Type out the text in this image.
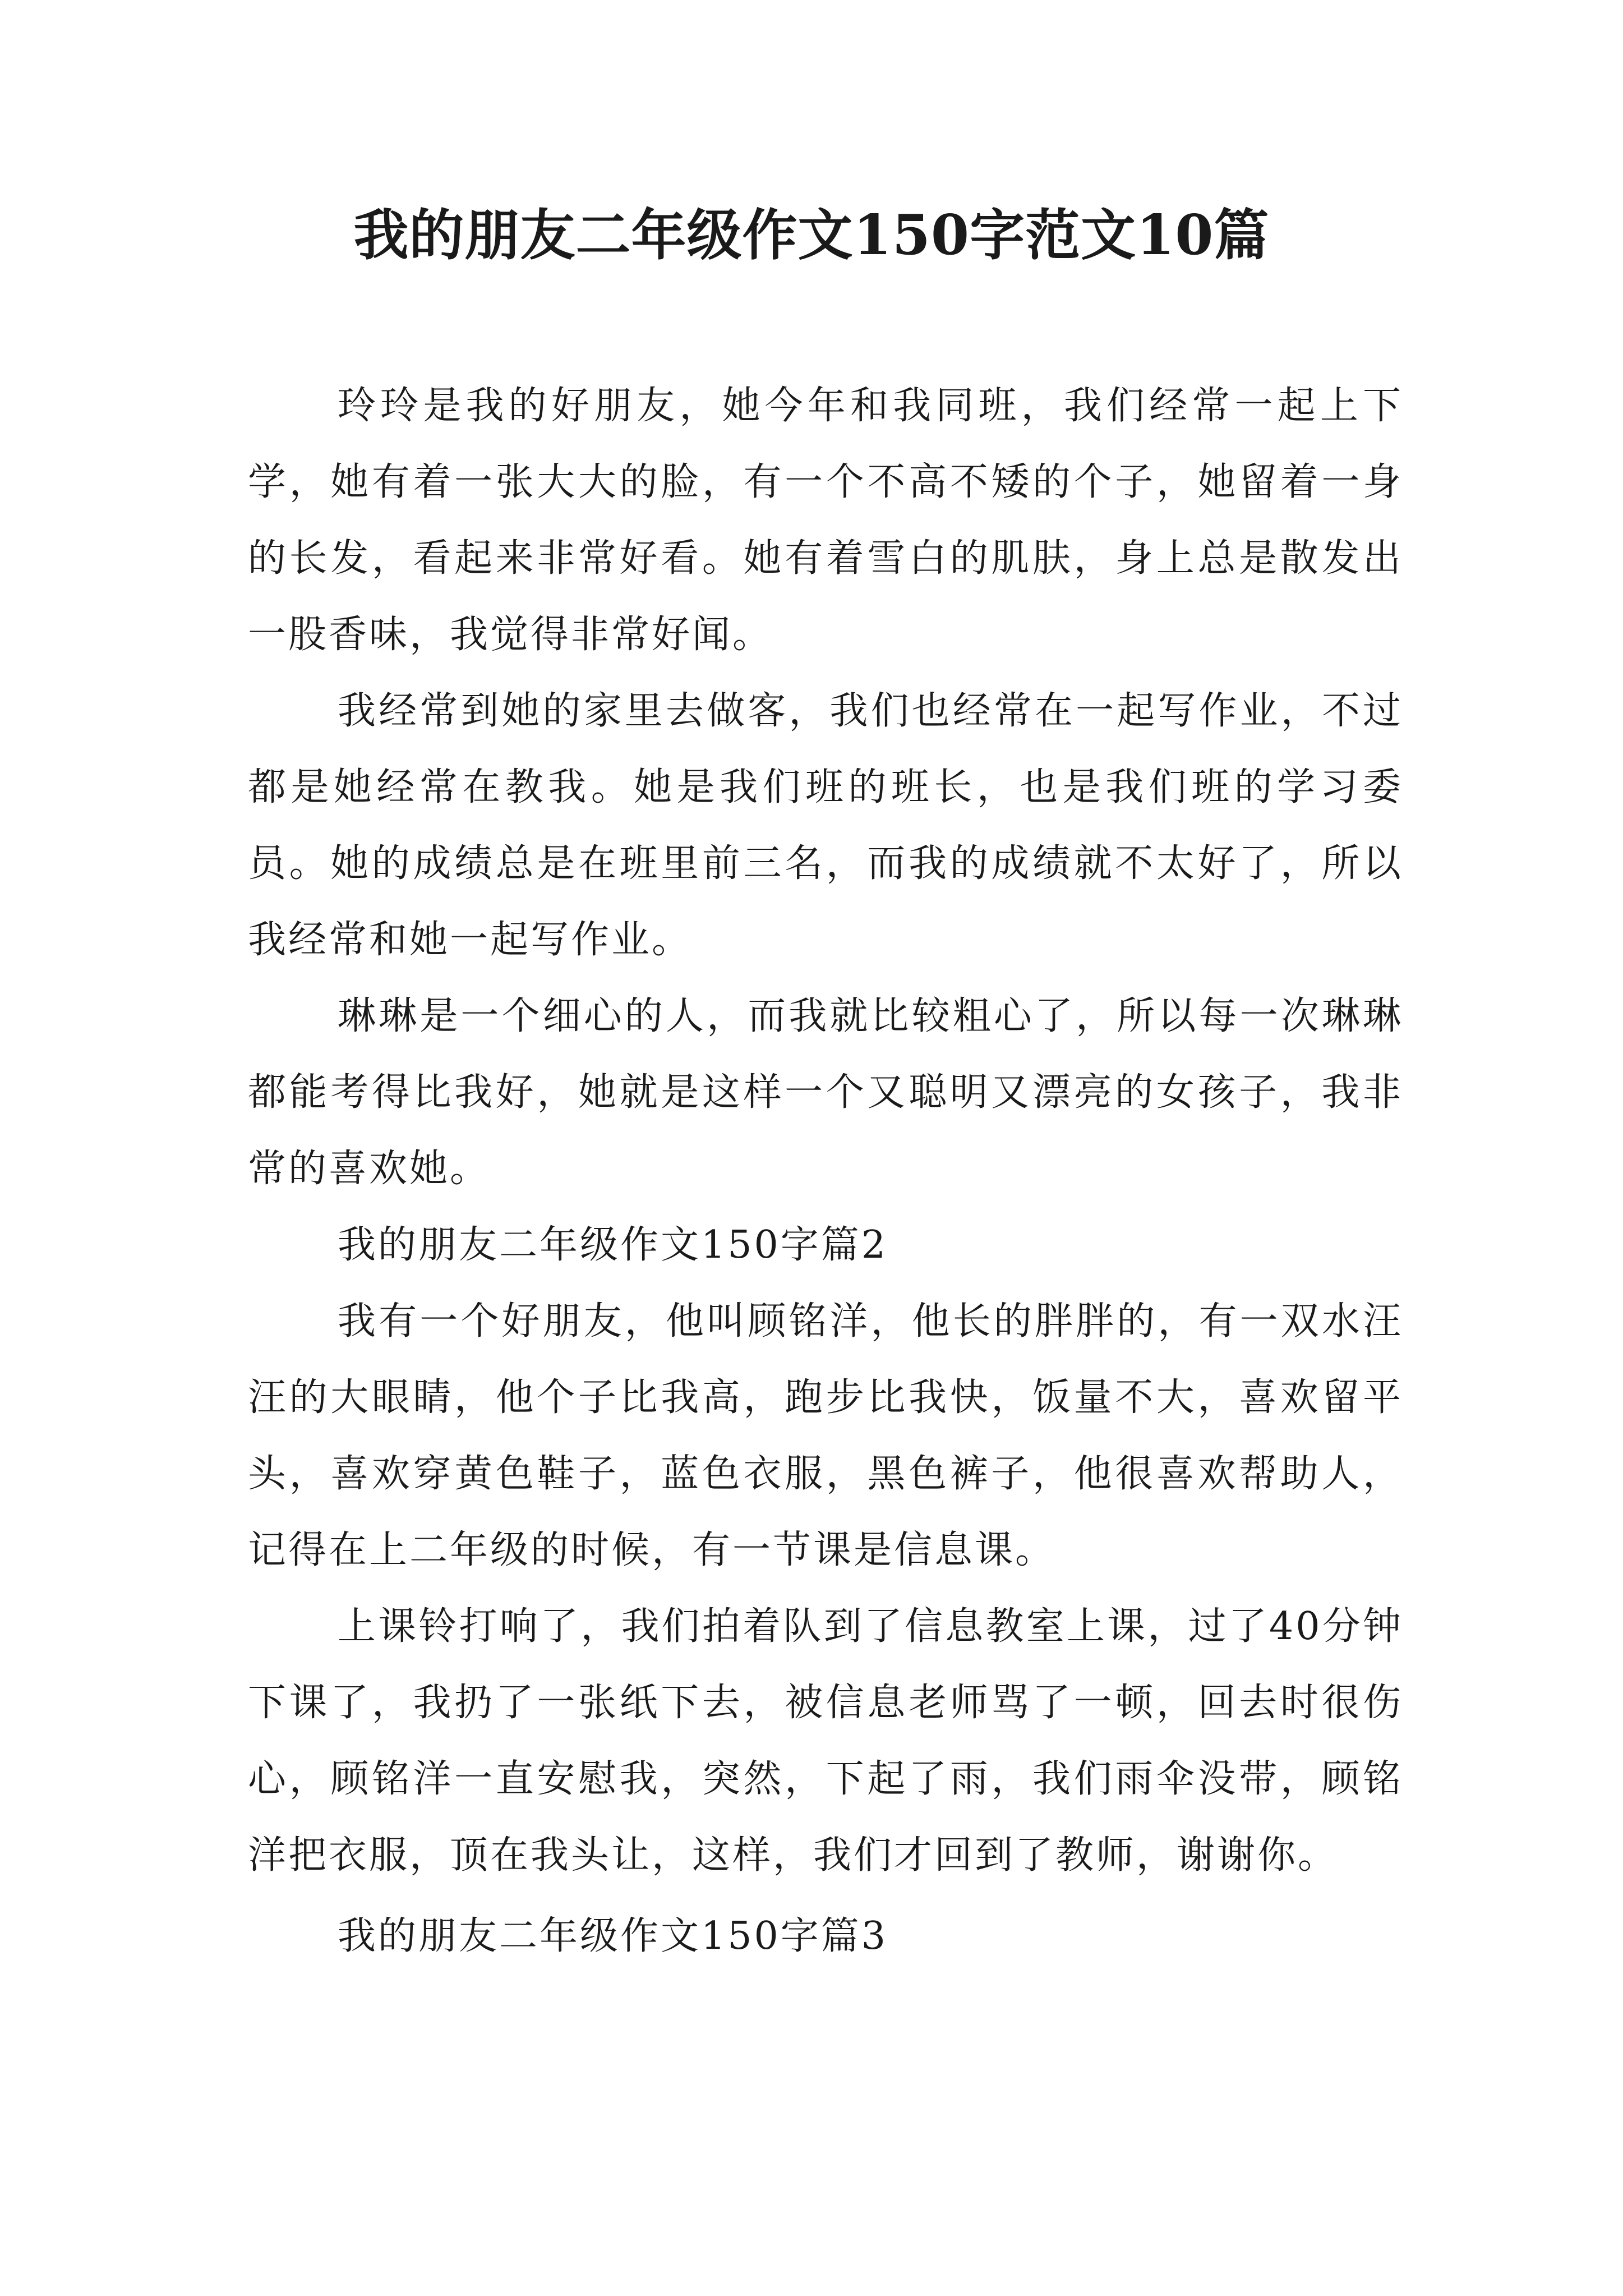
我的朋友二年级作文150字范文10篇

玲玲是我的好朋友，她今年和我同班，我们经常一起上下学，她有着一张大大的脸，有一个不高不矮的个子，她留着一身的长发，看起来非常好看。她有着雪白的肌肤，身上总是散发出一股香味，我觉得非常好闻。

我经常到她的家里去做客，我们也经常在一起写作业，不过都是她经常在教我。她是我们班的班长，也是我们班的学习委员。她的成绩总是在班里前三名，而我的成绩就不太好了，所以我经常和她一起写作业。

琳琳是一个细心的人，而我就比较粗心了，所以每一次琳琳都能考得比我好，她就是这样一个又聪明又漂亮的女孩子，我非常的喜欢她。

我的朋友二年级作文150字篇2

我有一个好朋友，他叫顾铭洋，他长的胖胖的，有一双水汪汪的大眼睛，他个子比我高，跑步比我快，饭量不大，喜欢留平头，喜欢穿黄色鞋子，蓝色衣服，黑色裤子，他很喜欢帮助人，记得在上二年级的时候，有一节课是信息课。

上课铃打响了，我们拍着队到了信息教室上课，过了40分钟下课了，我扔了一张纸下去，被信息老师骂了一顿，回去时很伤心，顾铭洋一直安慰我，突然，下起了雨，我们雨伞没带，顾铭洋把衣服，顶在我头让，这样，我们才回到了教师，谢谢你。

我的朋友二年级作文150字篇3
